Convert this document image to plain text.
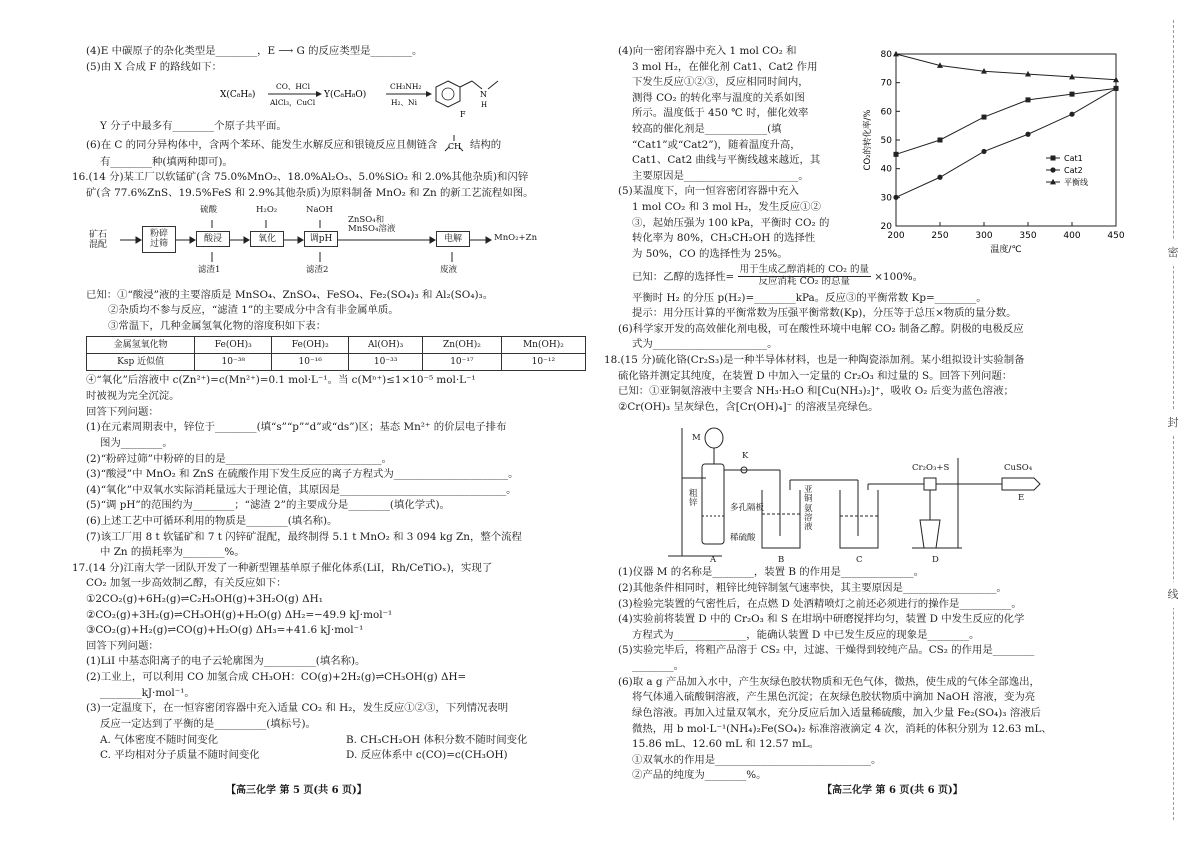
(4)E 中碳原子的杂化类型是________，E ⟶ G 的反应类型是________。
(5)由 X 合成 F 的路线如下：
X(C₈H₈)
CO、HCl
AlCl₃，CuCl
Y(C₈H₈O)
CH₃NH₂
H₂、Ni
N
H
F
Y 分子中最多有________个原子共平面。
(6)在 C 的同分异构体中，含两个苯环、能发生水解反应和银镜反应且侧链含 CH 结构的
有________种(填两种即可)。
16.(14 分)某工厂以软锰矿(含 75.0%MnO₂、18.0%Al₂O₃、5.0%SiO₂ 和 2.0%其他杂质)和闪锌
矿(含 77.6%ZnS、19.5%FeS 和 2.9%其他杂质)为原料制备 MnO₂ 和 Zn 的新工艺流程如图。
矿石
混配
粉碎
过筛
硫酸
酸浸
H₂O₂
氧化
NaOH
调pH
ZnSO₄和
MnSO₄溶液
电解	MnO₂+Zn
滤渣1	滤渣2	废液
已知：①“酸浸”液的主要溶质是 MnSO₄、ZnSO₄、FeSO₄、Fe₂(SO₄)₃ 和 Al₂(SO₄)₃。
②杂质均不参与反应，“滤渣 1”的主要成分中含有非金属单质。
③常温下，几种金属氢氧化物的溶度积如下表：
金属氢氧化物	Fe(OH)₃	Fe(OH)₂	Al(OH)₃	Zn(OH)₂	Mn(OH)₂
Ksp 近似值	10⁻³⁸	10⁻¹⁶	10⁻³³	10⁻¹⁷	10⁻¹²
④“氧化”后溶液中 c(Zn²⁺)=c(Mn²⁺)=0.1 mol·L⁻¹。当 c(Mⁿ⁺)≤1×10⁻⁵ mol·L⁻¹
时被视为完全沉淀。
回答下列问题：
(1)在元素周期表中，锌位于________(填“s”“p”“d”或“ds”)区；基态 Mn²⁺ 的价层电子排布
图为________。
(2)“粉碎过筛”中粉碎的目的是______________________________。
(3)“酸浸”中 MnO₂ 和 ZnS 在硫酸作用下发生反应的离子方程式为______________________。
(4)“氧化”中双氧水实际消耗量远大于理论值，其原因是________________________________。
(5)“调 pH”的范围约为________；“滤渣 2”的主要成分是________(填化学式)。
(6)上述工艺中可循环利用的物质是________(填名称)。
(7)该工厂用 8 t 软锰矿和 7 t 闪锌矿混配，最终制得 5.1 t MnO₂ 和 3 094 kg Zn，整个流程
中 Zn 的损耗率为________%。
17.(14 分)江南大学一团队开发了一种新型锂基单原子催化体系(LiI，Rh/CeTiOₓ)，实现了
CO₂ 加氢一步高效制乙醇，有关反应如下：
①2CO₂(g)+6H₂(g)⇌C₂H₅OH(g)+3H₂O(g) ΔH₁
②CO₂(g)+3H₂(g)⇌CH₃OH(g)+H₂O(g) ΔH₂=−49.9 kJ·mol⁻¹
③CO₂(g)+H₂(g)⇌CO(g)+H₂O(g) ΔH₃=+41.6 kJ·mol⁻¹
回答下列问题：
(1)LiI 中基态阳离子的电子云轮廓图为__________(填名称)。
(2)工业上，可以利用 CO 加氢合成 CH₃OH：CO(g)+2H₂(g)⇌CH₃OH(g) ΔH=
________kJ·mol⁻¹。
(3)一定温度下，在一恒容密闭容器中充入适量 CO₂ 和 H₂，发生反应①②③，下列情况表明
反应一定达到了平衡的是__________(填标号)。
A. 气体密度不随时间变化	B. CH₃CH₂OH 体积分数不随时间变化
C. 平均相对分子质量不随时间变化	D. 反应体系中 c(CO)=c(CH₃OH)
【高三化学 第 5 页(共 6 页)】
(4)向一密闭容器中充入 1 mol CO₂ 和
3 mol H₂，在催化剂 Cat1、Cat2 作用
下发生反应①②③，反应相同时间内，
测得 CO₂ 的转化率与温度的关系如图
所示。温度低于 450 ℃ 时，催化效率
较高的催化剂是____________(填
“Cat1”或“Cat2”)，随着温度升高，
Cat1、Cat2 曲线与平衡线越来越近，其
主要原因是______________________。
(5)某温度下，向一恒容密闭容器中充入
1 mol CO₂ 和 3 mol H₂，发生反应①②
③，起始压强为 100 kPa，平衡时 CO₂ 的
转化率为 80%，CH₃CH₂OH 的选择性
为 50%，CO 的选择性为 25%。
已知：乙醇的选择性= $\frac{\text{用于生成乙醇消耗的 CO₂ 的量}}{\text{反应消耗 CO₂ 的总量}} \times 100\%$。
平衡时 H₂ 的分压 p(H₂)=________kPa。反应③的平衡常数 Kp=________。
提示：用分压计算的平衡常数为压强平衡常数(Kp)，分压等于总压×物质的量分数。
(6)科学家开发的高效催化剂电极，可在酸性环境中电解 CO₂ 制备乙醇。阴极的电极反应
式为______________________。
18.(15 分)硫化铬(Cr₂S₃)是一种半导体材料，也是一种陶瓷添加剂。某小组拟设计实验制备
硫化铬并测定其纯度，在装置 D 中加入一定量的 Cr₂O₃ 和过量的 S。回答下列问题：
已知：①亚铜氨溶液中主要含 NH₃·H₂O 和[Cu(NH₃)₂]⁺，吸收 O₂ 后变为蓝色溶液；
②Cr(OH)₃ 呈灰绿色，含[Cr(OH)₄]⁻ 的溶液呈亮绿色。
(1)仪器 M 的名称是________，装置 B 的作用是______________。
(2)其他条件相同时，粗锌比纯锌制氢气速率快，其主要原因是__________________。
(3)检验完装置的气密性后，在点燃 D 处酒精喷灯之前还必须进行的操作是__________。
(4)实验前将装置 D 中的 Cr₂O₃ 和 S 在坩埚中研磨搅拌均匀，装置 D 中发生反应的化学
方程式为______________，能确认装置 D 中已发生反应的现象是________。
(5)实验完毕后，将粗产品溶于 CS₂ 中，过滤、干燥得到较纯产品。CS₂ 的作用是________
________。
(6)取 a g 产品加入水中，产生灰绿色胶状物质和无色气体，微热，使生成的气体全部逸出，
将气体通入硫酸铜溶液，产生黑色沉淀；在灰绿色胶状物质中滴加 NaOH 溶液，变为亮
绿色溶液。再加入过量双氧水，充分反应后加入适量稀硫酸，加入少量 Fe₂(SO₄)₃ 溶液后
微热，用 b mol·L⁻¹(NH₄)₂Fe(SO₄)₂ 标准溶液滴定 4 次，消耗的体积分别为 12.63 mL、
15.86 mL、12.60 mL 和 12.57 mL。
①双氧水的作用是______________________________。
②产品的纯度为________%。
【高三化学 第 6 页(共 6 页)】
20
30
40
50
60
70
80
200	250	300	350	400	450
温度/℃
CO₂的转化率/%	Cat1
Cat2
平衡线
M
K
粗
锌	多孔隔板
稀硫酸
亚
铜
氨
溶
液
Cr₂O₃+S	CuSO₄
A	B	C	D
E
密
封
线
